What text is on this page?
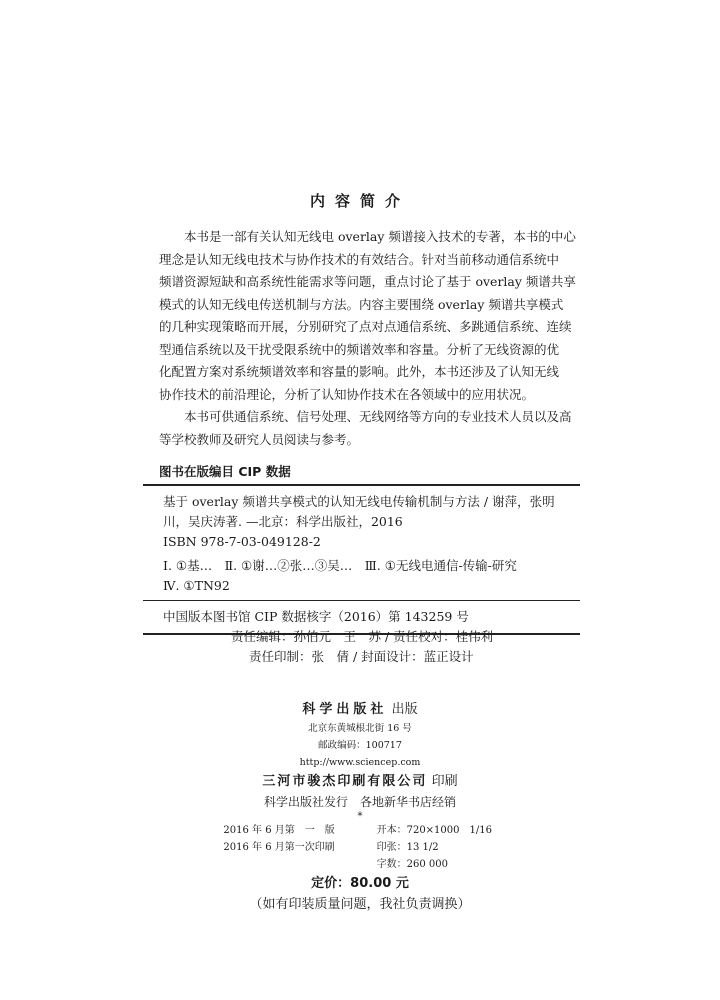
内容简介

本书是一部有关认知无线电 overlay 频谱接入技术的专著，本书的中心
理念是认知无线电技术与协作技术的有效结合。针对当前移动通信系统中
频谱资源短缺和高系统性能需求等问题，重点讨论了基于 overlay 频谱共享
模式的认知无线电传送机制与方法。内容主要围绕 overlay 频谱共享模式
的几种实现策略而开展，分别研究了点对点通信系统、多跳通信系统、连续
型通信系统以及干扰受限系统中的频谱效率和容量。分析了无线资源的优
化配置方案对系统频谱效率和容量的影响。此外，本书还涉及了认知无线
协作技术的前沿理论，分析了认知协作技术在各领域中的应用状况。

本书可供通信系统、信号处理、无线网络等方向的专业技术人员以及高
等学校教师及研究人员阅读与参考。

图书在版编目 CIP 数据
基于 overlay 频谱共享模式的认知无线电传输机制与方法 / 谢萍，张明
川，吴庆涛著. —北京：科学出版社，2016
ISBN 978-7-03-049128-2
Ⅰ. ①基…　Ⅱ. ①谢…②张…③吴…　Ⅲ. ①无线电通信-传输-研究
Ⅳ. ①TN92
中国版本图书馆 CIP 数据核字（2016）第 143259 号
责任编辑：孙伯元　王　苏 / 责任校对：桂伟利
责任印制：张　倩 / 封面设计：蓝正设计
科学出版社 出版
北京东黄城根北街 16 号
邮政编码：100717
http://www.sciencep.com
三河市骏杰印刷有限公司 印刷
科学出版社发行　各地新华书店经销
*
2016 年 6 月第　一　版	开本：720×1000　1/16
2016 年 6 月第一次印刷	印张：13 1/2
字数：260 000
定价：80.00 元
（如有印装质量问题，我社负责调换）
